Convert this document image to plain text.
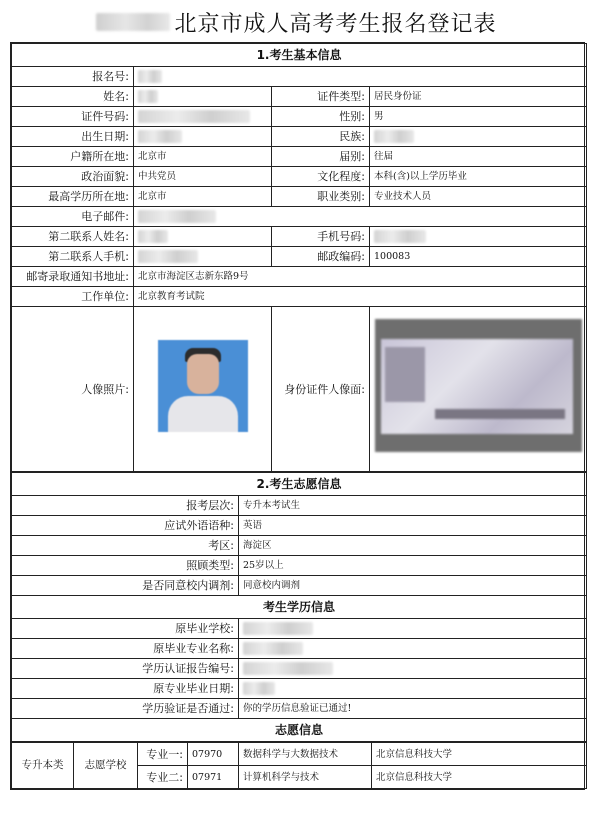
北京市成人高考考生报名登记表
1.考生基本信息			
报名号:			
姓名:		证件类型:	居民身份证
证件号码:		性别:	男
出生日期:		民族:	
户籍所在地:	北京市	届别:	往届
政治面貌:	中共党员	文化程度:	本科(含)以上学历毕业
最高学历所在地:	北京市	职业类别:	专业技术人员
电子邮件:			
第二联系人姓名:		手机号码:	
第二联系人手机:		邮政编码:	100083
邮寄录取通知书地址:	北京市海淀区志新东路9号		
工作单位:	北京教育考试院		
人像照片:		身份证件人像面:	
2.考生志愿信息	
报考层次:	专升本考试生
应试外语语种:	英语
考区:	海淀区
照顾类型:	25岁以上
是否同意校内调剂:	同意校内调剂
考生学历信息	
原毕业学校:	
原毕业专业名称:	
学历认证报告编号:	
原专业毕业日期:	
学历验证是否通过:	你的学历信息验证已通过!
志愿信息	
专升本类	志愿学校	专业一:	07970	数据科学与大数据技术	北京信息科技大学
		专业二:	07971	计算机科学与技术	北京信息科技大学
